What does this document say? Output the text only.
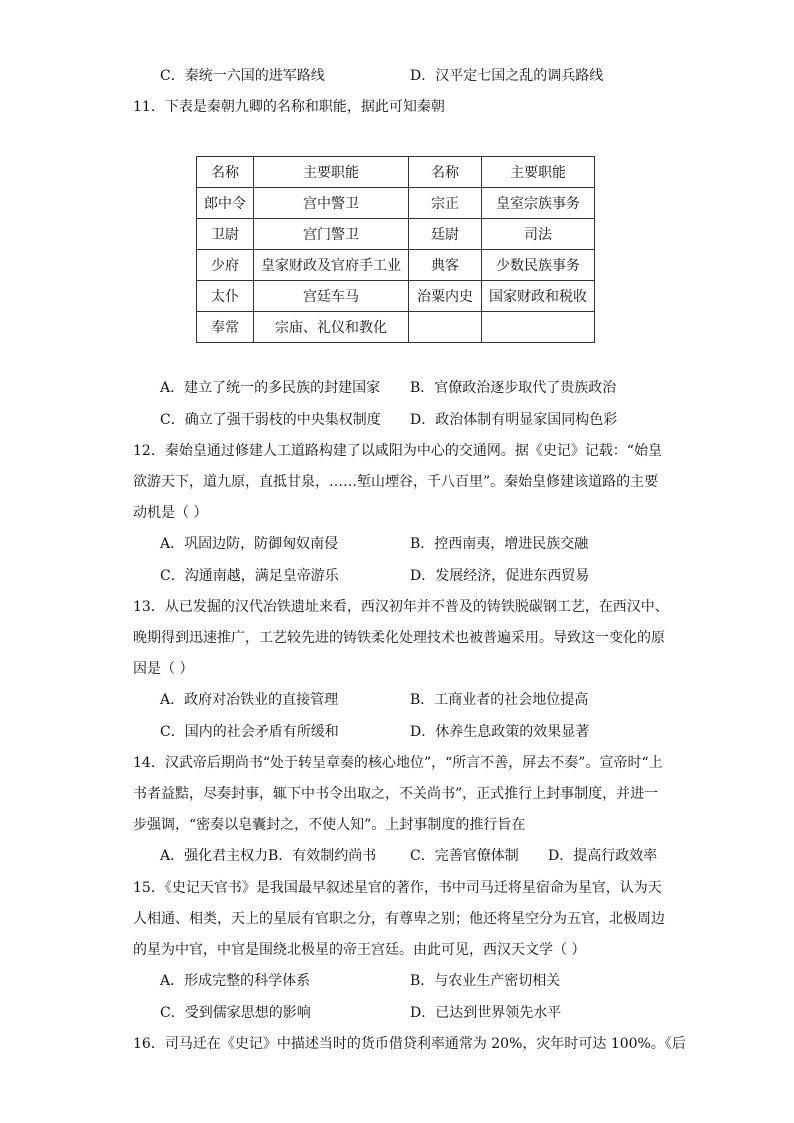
C．秦统一六国的进军路线	D．汉平定七国之乱的调兵路线
11．下表是秦朝九卿的名称和职能，据此可知秦朝
名称	主要职能	名称	主要职能
郎中令	宫中警卫	宗正	皇室宗族事务
卫尉	宫门警卫	廷尉	司法
少府	皇家财政及官府手工业	典客	少数民族事务
太仆	宫廷车马	治粟内史	国家财政和税收
奉常	宗庙、礼仪和教化		
A．建立了统一的多民族的封建国家 B．官僚政治逐步取代了贵族政治
C．确立了强干弱枝的中央集权制度 D．政治体制有明显家国同构色彩
12．秦始皇通过修建人工道路构建了以咸阳为中心的交通网。据《史记》记载：“始皇
欲游天下，道九原，直抵甘泉，……堑山堙谷，千八百里”。秦始皇修建该道路的主要
动机是（ ）
A．巩固边防，防御匈奴南侵	B．控西南夷，增进民族交融
C．沟通南越，满足皇帝游乐	D．发展经济，促进东西贸易
13．从已发掘的汉代冶铁遗址来看，西汉初年并不普及的铸铁脱碳钢工艺，在西汉中、
晚期得到迅速推广，工艺较先进的铸铁柔化处理技术也被普遍采用。导致这一变化的原
因是（ ）
A．政府对冶铁业的直接管理	B．工商业者的社会地位提高
C．国内的社会矛盾有所缓和	D．休养生息政策的效果显著
14．汉武帝后期尚书“处于转呈章奏的核心地位”，“所言不善，屏去不奏”。宣帝时“上
书者益黠，尽奏封事，辄下中书令出取之，不关尚书”，正式推行上封事制度，并进一
步强调，“密奏以皂囊封之，不使人知”。上封事制度的推行旨在
A．强化君主权力 B．有效制约尚书 C．完善官僚体制 D．提高行政效率
15．《史记天官书》是我国最早叙述星官的著作，书中司马迁将星宿命为星官，认为天
人相通、相类，天上的星辰有官职之分，有尊卑之别；他还将星空分为五官，北极周边
的星为中官，中官是围绕北极星的帝王宫廷。由此可见，西汉天文学（ ）
A．形成完整的科学体系	B．与农业生产密切相关
C．受到儒家思想的影响	D．已达到世界领先水平
16．司马迁在《史记》中描述当时的货币借贷利率通常为 20%，灾年时可达 100%。《后
